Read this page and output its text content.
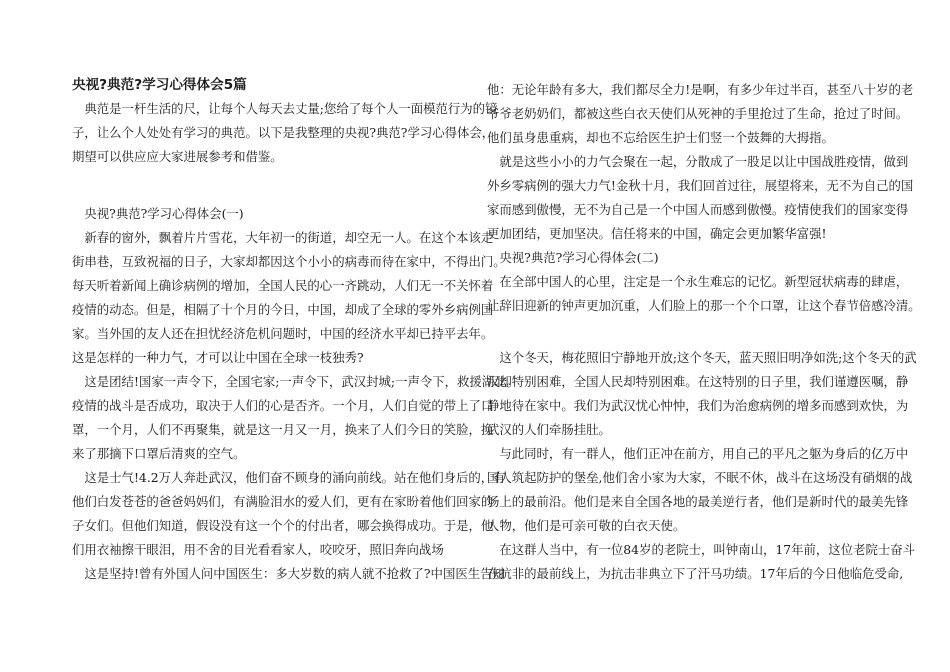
央视?典范?学习心得体会5篇
　典范是一杆生活的尺，让每个人每天去丈量;您给了每个人一面模范行为的镜
子，让么个人处处有学习的典范。以下是我整理的央视?典范?学习心得体会，
期望可以供应应大家进展参考和借鉴。
　央视?典范?学习心得体会(一)
　新春的窗外，飘着片片雪花，大年初一的街道，却空无一人。在这个本该走
街串巷，互致祝福的日子，大家却都因这个小小的病毒而待在家中，不得出门。
每天听着新闻上确诊病例的增加，全国人民的心一齐跳动，人们无一不关怀着
疫情的动态。但是，相隔了十个月的今日，中国，却成了全球的零外乡病例国
家。当外国的友人还在担忧经济危机问题时，中国的经济水平却已持平去年。
这是怎样的一种力气，才可以让中国在全球一枝独秀?
　这是团结!国家一声令下，全国宅家;一声令下，武汉封城;一声令下，救援湖北。
疫情的战斗是否成功，取决于人们的心是否齐。一个月，人们自觉的带上了口
罩，一个月，人们不再聚集，就是这一月又一月，换来了人们今日的笑脸，换
来了那摘下口罩后清爽的空气。
　这是士气!4.2万人奔赴武汉，他们奋不顾身的涌向前线。站在他们身后的，有
他们白发苍苍的爸爸妈妈们，有满脸泪水的爱人们，更有在家盼着他们回家的
子女们。但他们知道，假设没有这一个个的付出者，哪会换得成功。于是，他
们用衣袖擦干眼泪，用不舍的目光看看家人，咬咬牙，照旧奔向战场
　这是坚持!曾有外国人问中国医生：多大岁数的病人就不抢救了?中国医生告知
他：无论年龄有多大，我们都尽全力!是啊，有多少年过半百，甚至八十岁的老
爷爷老奶奶们，都被这些白衣天使们从死神的手里抢过了生命，抢过了时间。
他们虽身患重病，却也不忘给医生护士们竖一个鼓舞的大拇指。
　就是这些小小的力气会聚在一起，分散成了一股足以让中国战胜疫情，做到
外乡零病例的强大力气!金秋十月，我们回首过往，展望将来，无不为自己的国
家而感到傲慢，无不为自己是一个中国人而感到傲慢。疫情使我们的国家变得
更加团结，更加坚决。信任将来的中国，确定会更加繁华富强!
　央视?典范?学习心得体会(二)
　在全部中国人的心里，注定是一个永生难忘的记忆。新型冠状病毒的肆虐，
让辞旧迎新的钟声更加沉重，人们脸上的那一个个口罩，让这个春节倍感冷清。
　这个冬天，梅花照旧宁静地开放;这个冬天，蓝天照旧明净如洗;这个冬天的武
汉却特别困难，全国人民却特别困难。在这特别的日子里，我们谨遵医嘱，静
静地待在家中。我们为武汉忧心忡忡，我们为治愈病例的增多而感到欢快，为
武汉的人们牵肠挂肚。
　与此同时，有一群人，他们正冲在前方，用自己的平凡之躯为身后的亿万中
国人筑起防护的堡垒,他们舍小家为大家，不眠不休，战斗在这场没有硝烟的战
场上的最前沿。他们是来自全国各地的最美逆行者，他们是新时代的最美先锋
人物，他们是可亲可敬的白衣天使。
　在这群人当中，有一位84岁的老院士，叫钟南山，17年前，这位老院士奋斗
在抗非的最前线上，为抗击非典立下了汗马功绩。17年后的今日他临危受命,
